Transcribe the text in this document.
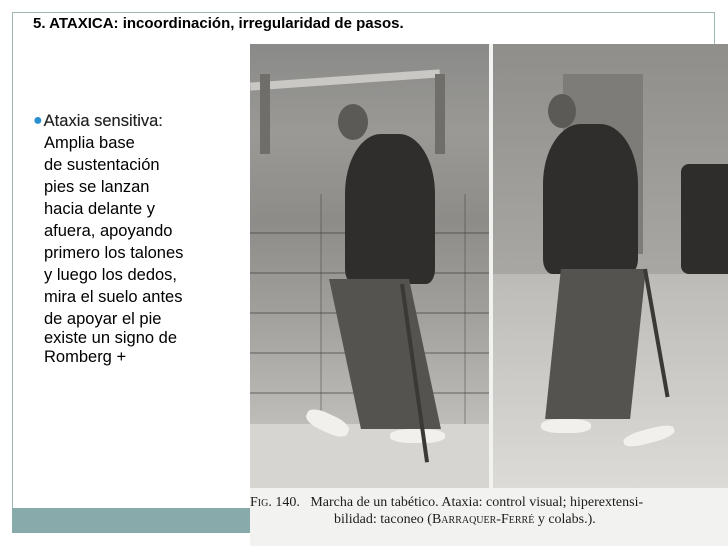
5. ATAXICA: incoordinación, irregularidad de pasos.
● Ataxia sensitiva:
Amplia base
de sustentación
pies se lanzan
hacia delante y
afuera, apoyando
primero los talones
y luego los dedos,
mira el suelo antes
de apoyar el pie
existe un signo de
Romberg +
Fig. 140. Marcha de un tabético. Ataxia: control visual; hiperextensi-
bilidad: taconeo (Barraquer-Ferré y colabs.).
